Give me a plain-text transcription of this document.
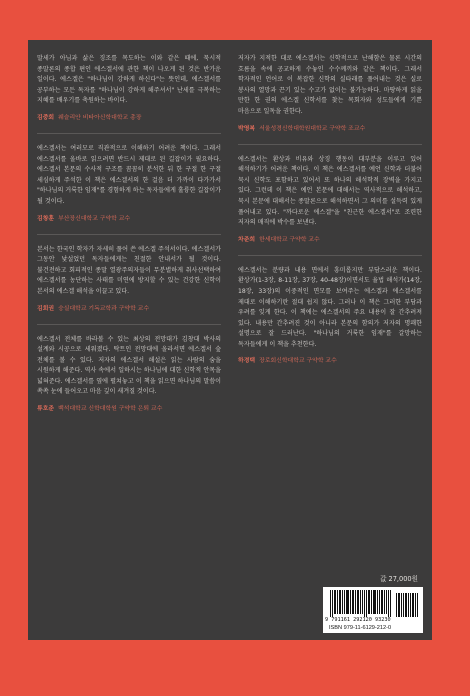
말세가 아님과 삶은 징조를 목도하는 이와 같은 때에, 묵시적 종말론의 종합 편인 에스겔서에 관한 책이 나오게 된 것은 반가운 일이다. 에스겔은 "하나님이 강하게 하신다"는 뜻인데, 에스겔서를 공부하는 모든 독자를 "하나님이 강하게 해주셔서" 난세를 극복하는 지혜를 배우기를 축원하는 바이다.

김중회 웨슬리안 비타아신학대학교 총장

에스겔서는 여러모로 직관적으로 이해하기 어려운 책이다. 그래서 에스겔서를 올바로 읽으려면 반드시 제대로 된 길잡이가 필요하다. 에스겔서 본문의 수사적 구조를 꼼꼼히 분석한 뒤 한 구절 한 구절 세심하게 주석한 이 책은 에스겔서의 한 걸음 더 가까이 다가가서 "하나님의 거룩한 임재"를 경험하게 하는 독자들에게 훌륭한 길잡이가 될 것이다.

김창훈 부산장신대학교 구약학 교수

본서는 한국인 학자가 자세히 풀어 쓴 에스겔 주석서이다. 에스겔서가 그동안 낯설었던 독자들에게는 친절한 안내서가 될 것이다. 불건전하고 회피적인 종말 열광주의자들이 무분별하게 취사선택하여 에스겔서를 농단하는 사태를 미연에 방지할 수 있는 건강한 신학이 본서의 에스겔 해석을 이끌고 있다.

김회권 숭실대학교 기독교학과 구약학 교수

에스겔서 전체를 바라볼 수 있는 최상의 전망대가 김창대 박사의 설계와 시공으로 세워졌다. 탁트인 전망대에 올라서면 에스겔서 숲 전체를 볼 수 있다. 저자의 에스겔서 해설은 읽는 사람의 숨을 시원하게 해준다. 역사 속에서 일하시는 하나님에 대한 신학적 안목을 넓혀준다. 에스겔서를 옆에 펼쳐놓고 이 책을 읽으면 하나님의 말씀이 쏙쏙 눈에 들어오고 마음 깊이 새겨질 것이다.

류호준 백석대학교 신학대학원 구약학 은퇴 교수

저자가 지적한 대로 에스겔서는 신학적으로 난해함은 물론 시간의 흐름을 속에 공교하게 수놓인 수수께끼와 같은 책이다. 그래서 학자적인 언어로 이 복잡한 신학의 실타래를 풀어내는 것은 실로 봉사의 열망과 끈기 있는 수고가 없이는 불가능하다. 마땅하게 읽을 만한 한 권의 에스겔 신학서를 찾는 목회자와 성도들에게 기쁜 마음으로 일독을 권한다.

박영복 서울성경신학대학원대학교 구약학 조교수

에스겔서는 환상과 비유와 상징 행동이 대부분을 이루고 있어 해석하기가 어려운 책이다. 이 책은 에스겔서를 예언 신학과 더불어 묵시 신학도 포함하고 있어서 또 하나의 해석학적 장벽을 가지고 있다. 그런데 이 책은 예언 본문에 대해서는 역사적으로 해석하고, 묵시 본문에 대해서는 종말론으로 해석하면서 그 의미를 설득력 있게 풀어내고 있다. "까다로운 에스겔"을 "친근한 에스겔서"로 조련한 저자의 매직에 박수를 보낸다.

차준희 한세대학교 구약학 교수

에스겔서는 분량과 내용 면에서 흥미롭지만 부담스러운 책이다. 환상가(1-3장, 8-11장, 37장, 40-48장)이면서도 율법 해석가(14장, 18장, 33장)의 이중적인 면모를 보여주는 에스겔과 에스겔서를 제대로 이해하기란 절대 쉽지 않다. 그러나 이 책은 그러한 부담과 우려를 잊게 한다. 이 책에는 에스겔서의 주요 내용이 잘 간추려져 있다. 내용만 간추려진 것이 아니라 본문의 함의가 저자의 명쾌한 설명으로 잘 드러난다. "하나님의 거룩한 임재"를 갈망하는 독자들에게 이 책을 추천한다.

하경택 장로회신학대학교 구약학 교수

값 27,000원
9 791161 292120 93230
ISBN 979-11-6129-212-0
